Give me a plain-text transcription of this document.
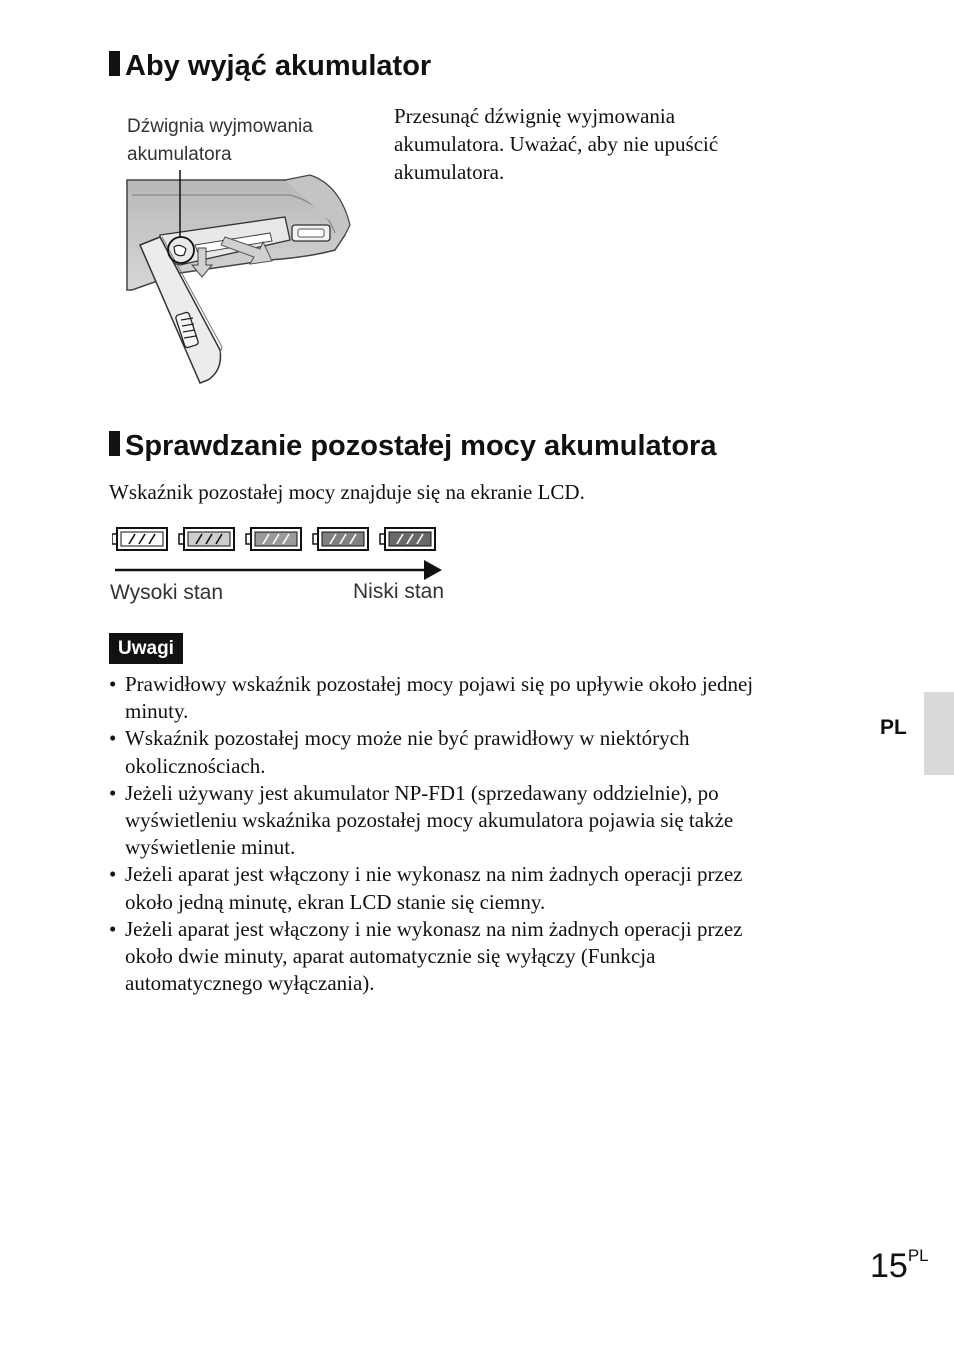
Aby wyjąć akumulator
Dźwignia wyjmowania
akumulatora
Przesunąć dźwignię wyjmowania
akumulatora. Uważać, aby nie upuścić
akumulatora.
Sprawdzanie pozostałej mocy akumulatora
Wskaźnik pozostałej mocy znajduje się na ekranie LCD.
Wysoki stan	Niski stan
Uwagi
• Prawidłowy wskaźnik pozostałej mocy pojawi się po upływie około jednej
minuty.
• Wskaźnik pozostałej mocy może nie być prawidłowy w niektórych
okolicznościach.
• Jeżeli używany jest akumulator NP-FD1 (sprzedawany oddzielnie), po
wyświetleniu wskaźnika pozostałej mocy akumulatora pojawia się także
wyświetlenie minut.
• Jeżeli aparat jest włączony i nie wykonasz na nim żadnych operacji przez
około jedną minutę, ekran LCD stanie się ciemny.
• Jeżeli aparat jest włączony i nie wykonasz na nim żadnych operacji przez
około dwie minuty, aparat automatycznie się wyłączy (Funkcja
automatycznego wyłączania).
PL
$15^{PL}$
